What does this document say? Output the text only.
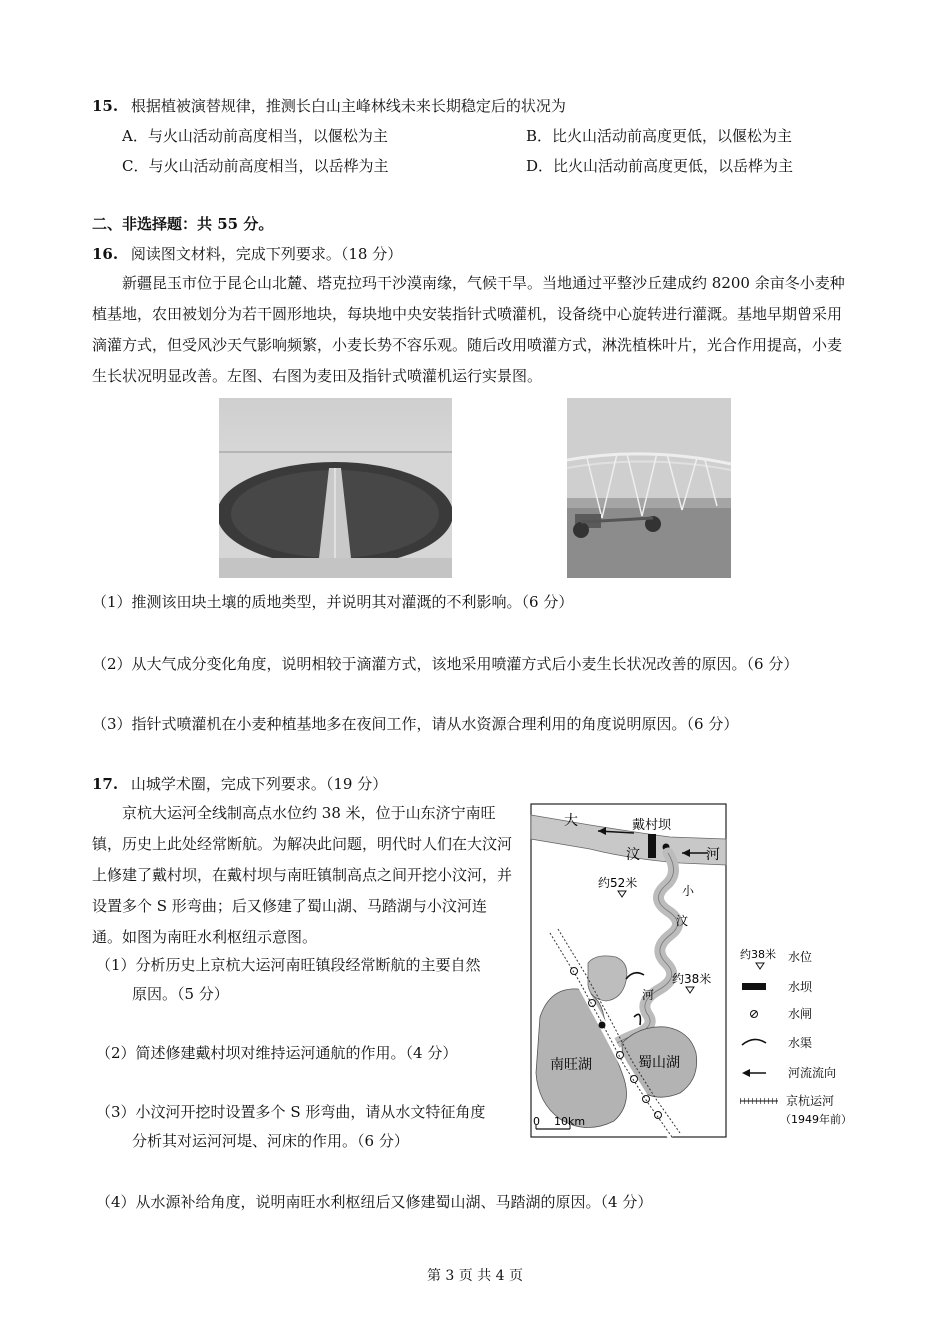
15. 根据植被演替规律，推测长白山主峰林线未来长期稳定后的状况为
A．与火山活动前高度相当，以偃松为主	B．比火山活动前高度更低，以偃松为主
C．与火山活动前高度相当，以岳桦为主	D．比火山活动前高度更低，以岳桦为主
二、非选择题：共 55 分。
16. 阅读图文材料，完成下列要求。（18 分）
新疆昆玉市位于昆仑山北麓、塔克拉玛干沙漠南缘，气候干旱。当地通过平整沙丘建成约 8200 余亩冬小麦种植基地，农田被划分为若干圆形地块，每块地中央安装指针式喷灌机，设备绕中心旋转进行灌溉。基地早期曾采用滴灌方式，但受风沙天气影响频繁，小麦长势不容乐观。随后改用喷灌方式，淋洗植株叶片，光合作用提高，小麦生长状况明显改善。左图、右图为麦田及指针式喷灌机运行实景图。
（1）推测该田块土壤的质地类型，并说明其对灌溉的不利影响。（6 分）
（2）从大气成分变化角度，说明相较于滴灌方式，该地采用喷灌方式后小麦生长状况改善的原因。（6 分）
（3）指针式喷灌机在小麦种植基地多在夜间工作，请从水资源合理利用的角度说明原因。（6 分）
17. 山城学术圈，完成下列要求。（19 分）
京杭大运河全线制高点水位约 38 米，位于山东济宁南旺镇，历史上此处经常断航。为解决此问题，明代时人们在大汶河上修建了戴村坝，在戴村坝与南旺镇制高点之间开挖小汶河，并设置多个 S 形弯曲；后又修建了蜀山湖、马踏湖与小汶河连通。如图为南旺水利枢纽示意图。
（1）分析历史上京杭大运河南旺镇段经常断航的主要自然
原因。（5 分）
（2）简述修建戴村坝对维持运河通航的作用。（4 分）
（3）小汶河开挖时设置多个 S 形弯曲，请从水文特征角度
分析其对运河河堤、河床的作用。（6 分）
（4）从水源补给角度，说明南旺水利枢纽后又修建蜀山湖、马踏湖的原因。（4 分）
大
汶	河
戴村坝
约52米
小
汶
河
约38米
南旺湖	蜀山湖
0 10km
约38米 水位
水坝
水闸
水渠
河流流向
京杭运河
（1949年前）
第 3 页 共 4 页
